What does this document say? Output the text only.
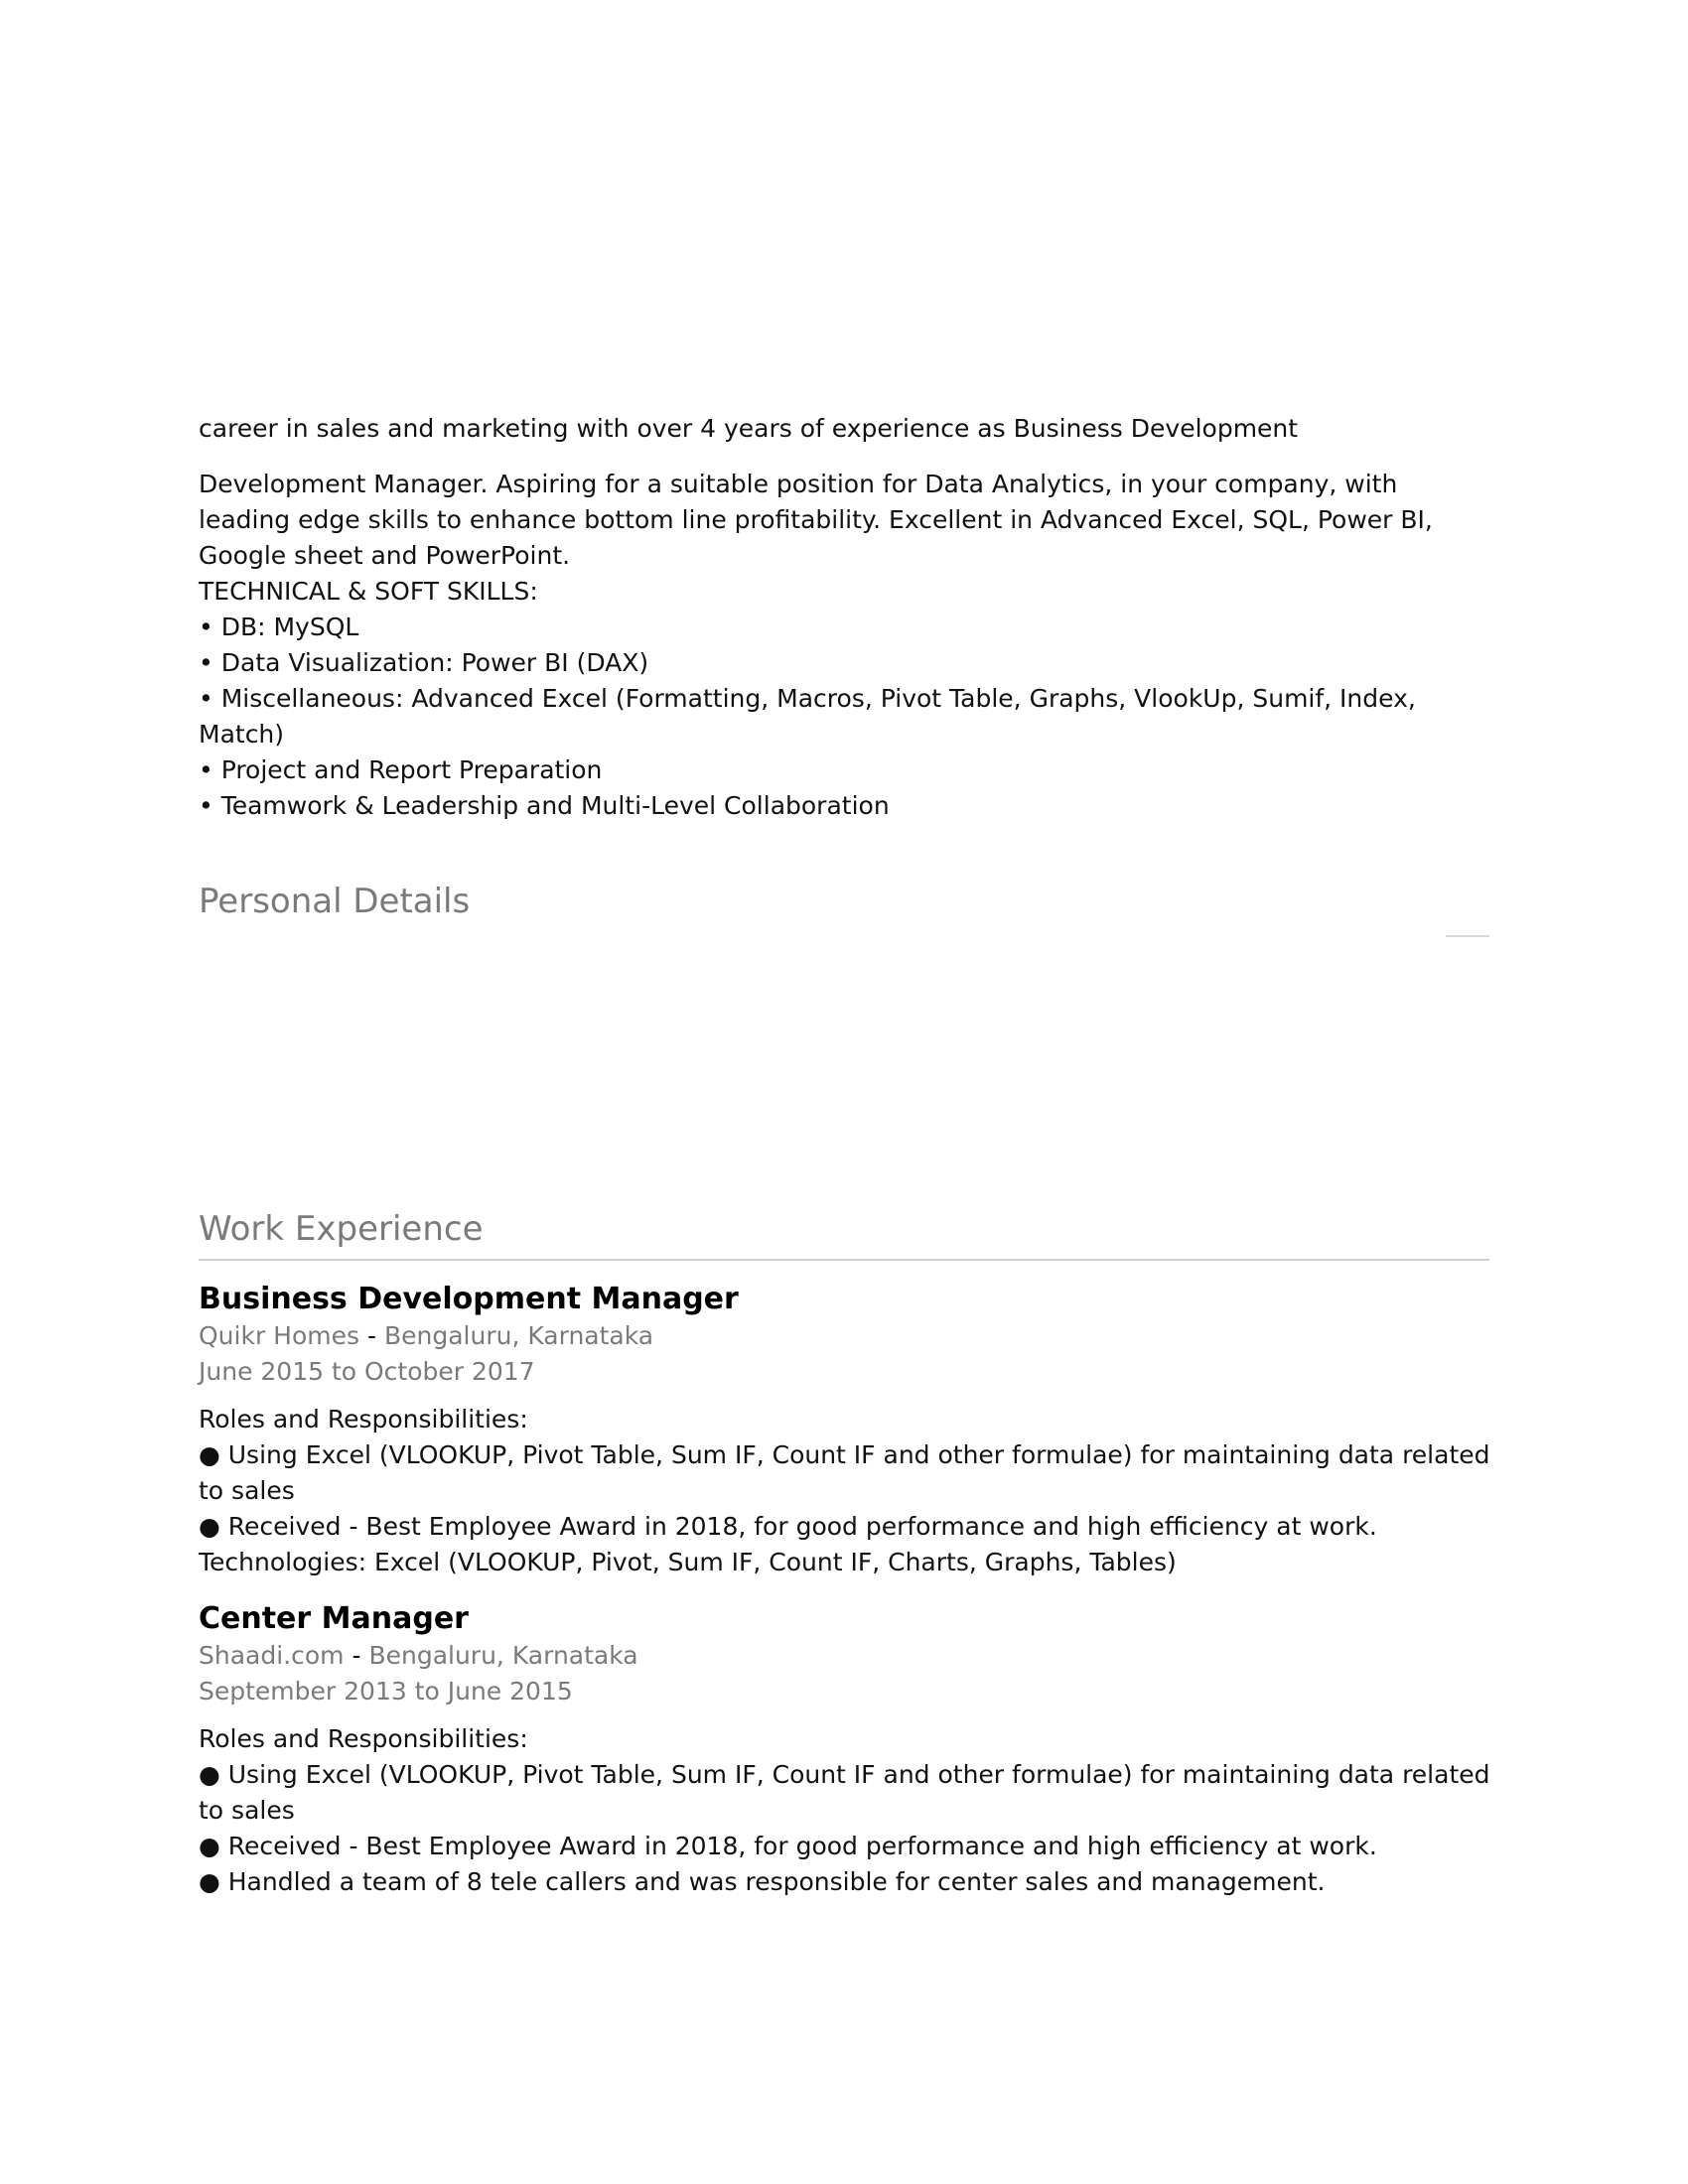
career in sales and marketing with over 4 years of experience as Business Development
Development Manager. Aspiring for a suitable position for Data Analytics, in your company, with
leading edge skills to enhance bottom line profitability. Excellent in Advanced Excel, SQL, Power BI,
Google sheet and PowerPoint.
TECHNICAL & SOFT SKILLS:
• DB: MySQL
• Data Visualization: Power BI (DAX)
• Miscellaneous: Advanced Excel (Formatting, Macros, Pivot Table, Graphs, VlookUp, Sumif, Index,
Match)
• Project and Report Preparation
• Teamwork & Leadership and Multi-Level Collaboration
Personal Details
Work Experience
Business Development Manager
Quikr Homes - Bengaluru, Karnataka
June 2015 to October 2017
Roles and Responsibilities:
● Using Excel (VLOOKUP, Pivot Table, Sum IF, Count IF and other formulae) for maintaining data related
to sales
● Received - Best Employee Award in 2018, for good performance and high efficiency at work.
Technologies: Excel (VLOOKUP, Pivot, Sum IF, Count IF, Charts, Graphs, Tables)
Center Manager
Shaadi.com - Bengaluru, Karnataka
September 2013 to June 2015
Roles and Responsibilities:
● Using Excel (VLOOKUP, Pivot Table, Sum IF, Count IF and other formulae) for maintaining data related
to sales
● Received - Best Employee Award in 2018, for good performance and high efficiency at work.
● Handled a team of 8 tele callers and was responsible for center sales and management.
